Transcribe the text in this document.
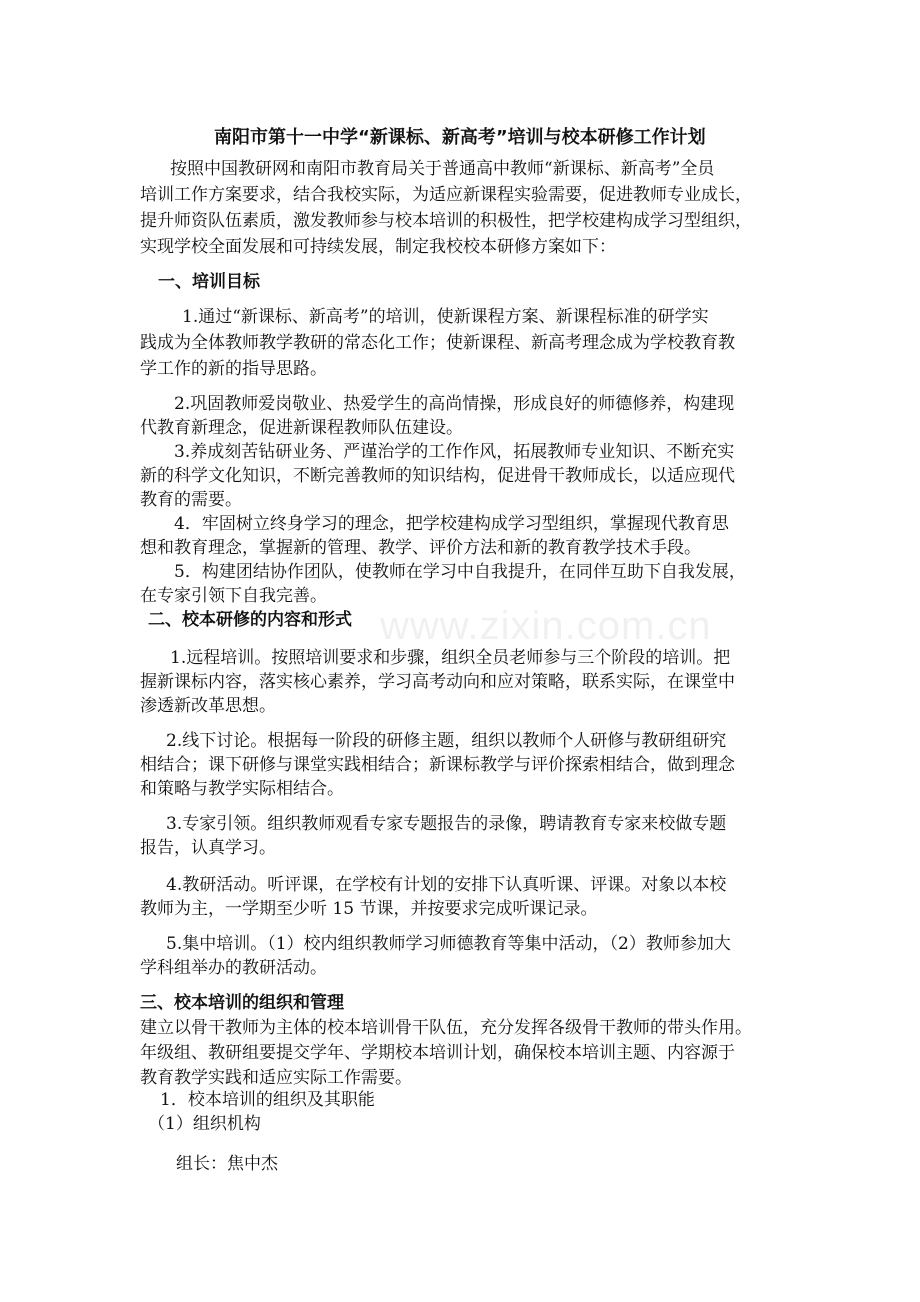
南阳市第十一中学“新课标、新高考”培训与校本研修工作计划
按照中国教研网和南阳市教育局关于普通高中教师“新课标、新高考”全员
培训工作方案要求，结合我校实际，为适应新课程实验需要，促进教师专业成长，
提升师资队伍素质，激发教师参与校本培训的积极性，把学校建构成学习型组织，
实现学校全面发展和可持续发展，制定我校校本研修方案如下：
一、培训目标
1.通过“新课标、新高考”的培训，使新课程方案、新课程标准的研学实
践成为全体教师教学教研的常态化工作；使新课程、新高考理念成为学校教育教
学工作的新的指导思路。
2.巩固教师爱岗敬业、热爱学生的高尚情操，形成良好的师德修养，构建现
代教育新理念，促进新课程教师队伍建设。
3.养成刻苦钻研业务、严谨治学的工作作风，拓展教师专业知识、不断充实
新的科学文化知识，不断完善教师的知识结构，促进骨干教师成长，以适应现代
教育的需要。
4．牢固树立终身学习的理念，把学校建构成学习型组织，掌握现代教育思
想和教育理念，掌握新的管理、教学、评价方法和新的教育教学技术手段。
5．构建团结协作团队，使教师在学习中自我提升，在同伴互助下自我发展，
在专家引领下自我完善。
www.zixin.com.cn
二、校本研修的内容和形式
1.远程培训。按照培训要求和步骤，组织全员老师参与三个阶段的培训。把
握新课标内容，落实核心素养，学习高考动向和应对策略，联系实际，在课堂中
渗透新改革思想。
2.线下讨论。根据每一阶段的研修主题，组织以教师个人研修与教研组研究
相结合；课下研修与课堂实践相结合；新课标教学与评价探索相结合，做到理念
和策略与教学实际相结合。
3.专家引领。组织教师观看专家专题报告的录像，聘请教育专家来校做专题
报告，认真学习。
4.教研活动。听评课，在学校有计划的安排下认真听课、评课。对象以本校
教师为主，一学期至少听 15 节课，并按要求完成听课记录。
5.集中培训。（1）校内组织教师学习师德教育等集中活动，（2）教师参加大
学科组举办的教研活动。
三、校本培训的组织和管理
建立以骨干教师为主体的校本培训骨干队伍，充分发挥各级骨干教师的带头作用。
年级组、教研组要提交学年、学期校本培训计划，确保校本培训主题、内容源于
教育教学实践和适应实际工作需要。
1．校本培训的组织及其职能
（1）组织机构
组长：焦中杰
